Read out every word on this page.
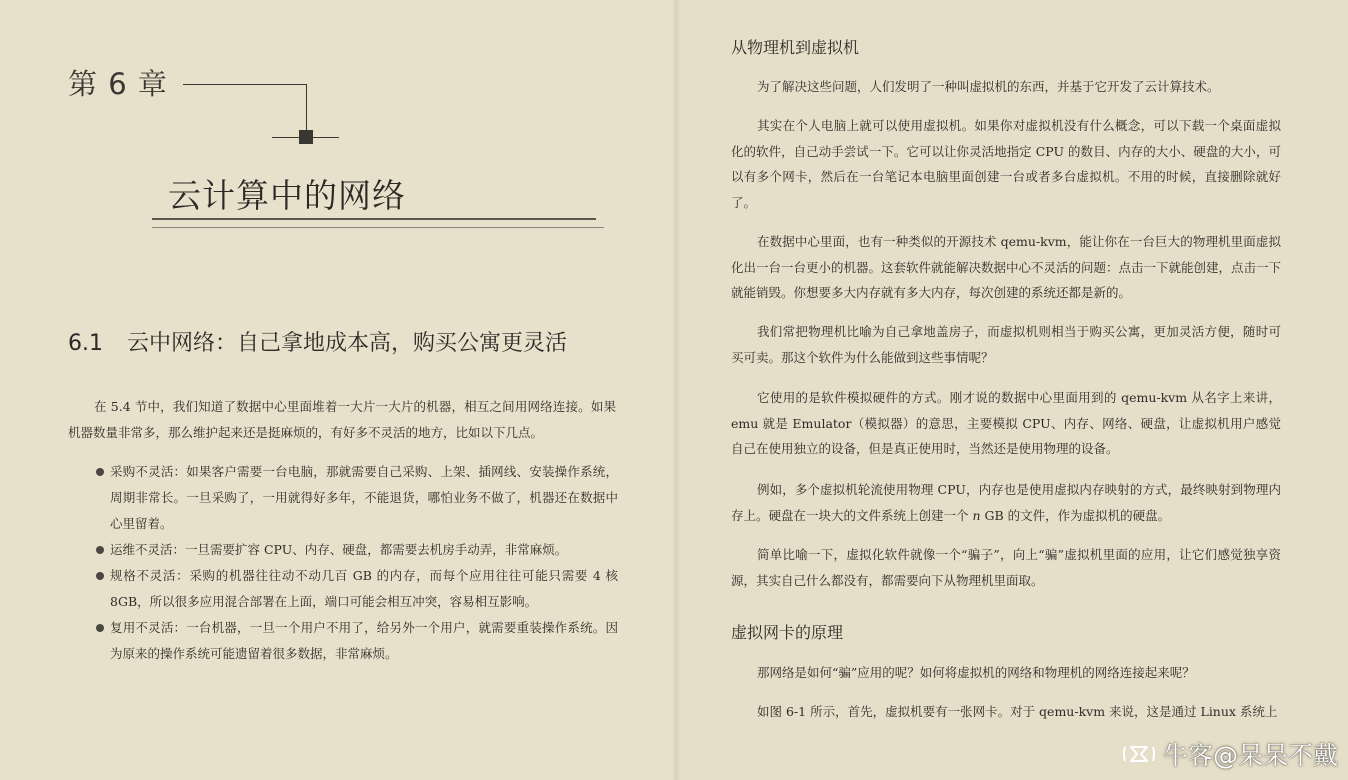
第 6 章
云计算中的网络
6.1 云中网络：自己拿地成本高，购买公寓更灵活

在 5.4 节中，我们知道了数据中心里面堆着一大片一大片的机器，相互之间用网络连接。如果机器数量非常多，那么维护起来还是挺麻烦的，有好多不灵活的地方，比如以下几点。

采购不灵活：如果客户需要一台电脑，那就需要自己采购、上架、插网线、安装操作系统，周期非常长。一旦采购了，一用就得好多年，不能退货，哪怕业务不做了，机器还在数据中心里留着。
运维不灵活：一旦需要扩容 CPU、内存、硬盘，都需要去机房手动弄，非常麻烦。
规格不灵活：采购的机器往往动不动几百 GB 的内存，而每个应用往往可能只需要 4 核 8GB，所以很多应用混合部署在上面，端口可能会相互冲突，容易相互影响。
复用不灵活：一台机器，一旦一个用户不用了，给另外一个用户，就需要重装操作系统。因为原来的操作系统可能遗留着很多数据，非常麻烦。
从物理机到虚拟机

为了解决这些问题，人们发明了一种叫虚拟机的东西，并基于它开发了云计算技术。

其实在个人电脑上就可以使用虚拟机。如果你对虚拟机没有什么概念，可以下载一个桌面虚拟化的软件，自己动手尝试一下。它可以让你灵活地指定 CPU 的数目、内存的大小、硬盘的大小，可以有多个网卡，然后在一台笔记本电脑里面创建一台或者多台虚拟机。不用的时候，直接删除就好了。

在数据中心里面，也有一种类似的开源技术 qemu-kvm，能让你在一台巨大的物理机里面虚拟化出一台一台更小的机器。这套软件就能解决数据中心不灵活的问题：点击一下就能创建，点击一下就能销毁。你想要多大内存就有多大内存，每次创建的系统还都是新的。

我们常把物理机比喻为自己拿地盖房子，而虚拟机则相当于购买公寓，更加灵活方便，随时可买可卖。那这个软件为什么能做到这些事情呢？

它使用的是软件模拟硬件的方式。刚才说的数据中心里面用到的 qemu-kvm 从名字上来讲，emu 就是 Emulator（模拟器）的意思，主要模拟 CPU、内存、网络、硬盘，让虚拟机用户感觉自己在使用独立的设备，但是真正使用时，当然还是使用物理的设备。

例如，多个虚拟机轮流使用物理 CPU，内存也是使用虚拟内存映射的方式，最终映射到物理内存上。硬盘在一块大的文件系统上创建一个 n GB 的文件，作为虚拟机的硬盘。

简单比喻一下，虚拟化软件就像一个“骗子”，向上“骗”虚拟机里面的应用，让它们感觉独享资源，其实自己什么都没有，都需要向下从物理机里面取。

虚拟网卡的原理

那网络是如何“骗”应用的呢？如何将虚拟机的网络和物理机的网络连接起来呢？

如图 6-1 所示，首先，虚拟机要有一张网卡。对于 qemu-kvm 来说，这是通过 Linux 系统上

牛客@呆呆不戴
